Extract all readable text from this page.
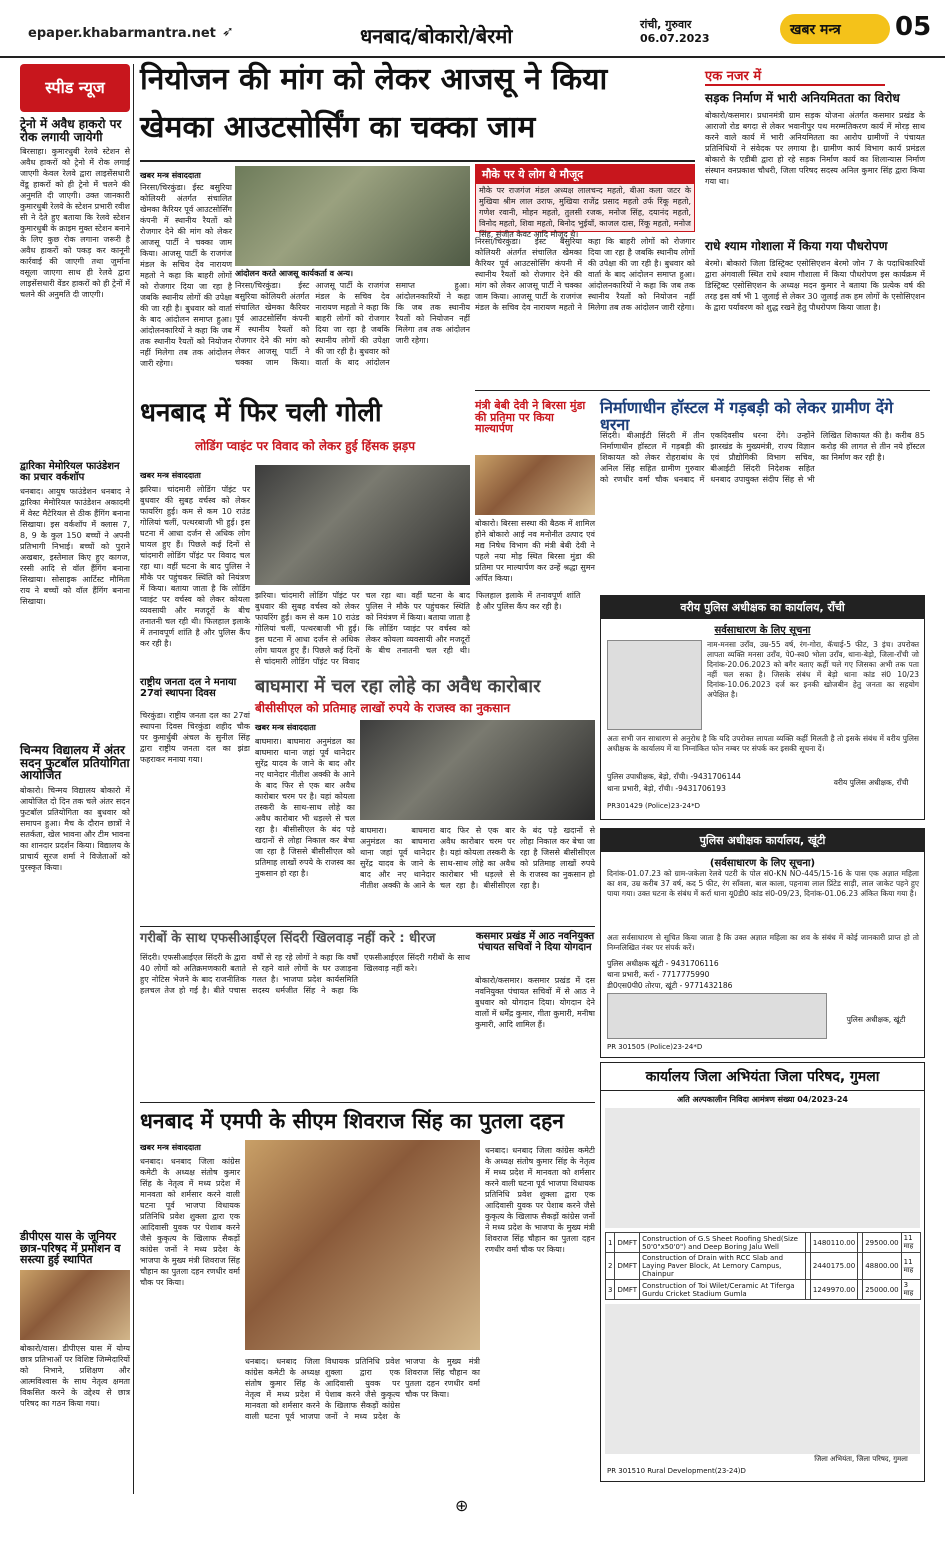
epaper.khabarmantra.net ➶	धनबाद/बोकारो/बेरमो	रांची, गुरुवार
06.07.2023
खबर मन्त्र	05
स्पीड न्यूज
ट्रेनो में अवैध हाकरो पर रोक लगायी जायेगी
बिरसाहा। कुमारधुबी रेलवे स्टेशन से अवैध हाकरों को ट्रेनो में रोक लगाई जाएगी केवल रेलवे द्वारा लाइसेंसधारी वेंडू हाकरों को ही ट्रेनो में चलने की अनुमति दी जाएगी। उक्त जानकारी कुमारधुबी रेलवे के स्टेशन प्रभारी रवीश सी ने देते हुए बताया कि रेलवे स्टेशन कुमारधुबी के क्राइम मुक्त स्टेशन बनाने के लिए कुछ रोक लगाना जरूरी है अवैध हाकरों को पकड़ कर कानूनी कार्रवाई की जाएगी तथा जुर्माना वसूला जाएगा साथ ही रेलवे द्वारा लाइसेंसधारी वेंडर हाकरों को ही ट्रेनों में चलने की अनुमति दी जाएगी।
द्वारिका मेमोरियल फाउंडेशन का प्रचार वर्कशॉप
धनबाद। आयुष फाउंडेशन धनबाद ने द्वारिका मेमोरियल फाउंडेशन अकादमी में वेस्ट मैटेरियल से ठीक हैंगिंग बनाना सिखाया। इस वर्कशॉप में क्लास 7, 8, 9 के कुल 150 बच्चों ने अपनी प्रतिभागी निभाई। बच्चों को पुराने अखबार, इस्तेमाल किए हुए कागज, रस्सी आदि से वॉल हैंगिंग बनाना सिखाया। सोसाइक आर्टिस्ट मौमिता राय ने बच्चों को वॉल हैंगिंग बनाना सिखाया।
चिन्मय विद्यालय में अंतर सदन फुटबॉल प्रतियोगिता आयोजित
बोकारो। चिन्मय विद्यालय बोकारो में आयोजित दो दिन तक चले अंतर सदन फुटबॉल प्रतियोगिता का बुधवार को समापन हुआ। मैच के दौरान छात्रों ने सतर्कता, खेल भावना और टीम भावना का शानदार प्रदर्शन किया। विद्यालय के प्राचार्य सूरज शर्मा ने विजेताओं को पुरस्कृत किया।
डीपीएस यास के जूनियर छात्र-परिषद में प्रमोशन व सस्त्या हुई स्थापित
बोकारो/वास। डीपीएस यास में योग्य छात्र प्रतिभाओं पर विशिष्ट जिम्मेदारियों को निभाने, प्रशिक्षण और आत्मविश्वास के साथ नेतृत्व क्षमता विकसित करने के उद्देश्य से छात्र परिषद का गठन किया गया।
नियोजन की मांग को लेकर आजसू ने किया
खेमका आउटसोर्सिंग का चक्का जाम
खबर मन्त्र संवाददाता
आंदोलन करते आजसू कार्यकर्ता व अन्य।
निरसा/चिरकुंडा। ईस्ट बसुरिया कोलियरी अंतर्गत संचालित खेमका कैरियर पूर्व आउटसोर्सिंग कंपनी में स्थानीय रैयतों को रोजगार देने की मांग को लेकर आजसू पार्टी ने चक्का जाम किया। आजसू पार्टी के राजगंज मंडल के सचिव देव नारायण महतो ने कहा कि बाहरी लोगों को रोजगार दिया जा रहा है जबकि स्थानीय लोगों की उपेक्षा की जा रही है। बुधवार को वार्ता के बाद आंदोलन समाप्त हुआ। आंदोलनकारियों ने कहा कि जब तक स्थानीय रैयतों को नियोजन नहीं मिलेगा तब तक आंदोलन जारी रहेगा।
निरसा/चिरकुंडा। ईस्ट बसुरिया कोलियरी अंतर्गत संचालित खेमका कैरियर पूर्व आउटसोर्सिंग कंपनी में स्थानीय रैयतों को रोजगार देने की मांग को लेकर आजसू पार्टी ने चक्का जाम किया। आजसू पार्टी के राजगंज मंडल के सचिव देव नारायण महतो ने कहा कि बाहरी लोगों को रोजगार दिया जा रहा है जबकि स्थानीय लोगों की उपेक्षा की जा रही है। बुधवार को वार्ता के बाद आंदोलन समाप्त हुआ। आंदोलनकारियों ने कहा कि जब तक स्थानीय रैयतों को नियोजन नहीं मिलेगा तब तक आंदोलन जारी रहेगा।
मौके पर ये लोग थे मौजूद
मौके पर राजगंज मंडल अध्यक्ष लालचन्द महतो, बीआ कला जटर के मुखिया श्रीम लाल उराफ, मुखिया राजेंद्र प्रसाद महतो उर्फ रिंकू महतो, गणेश रवानी, मोहन महतो, तुलसी रजक, मनोज सिंह, दयानंद महतो, विनोद महतो, शिवा महतो, बिनोद भुईयाँ, काजल दास, रिंकू महतो, मनोज सिंह, संजीत केवट आदि मौजूद थे।
निरसा/चिरकुंडा। ईस्ट बसुरिया कोलियरी अंतर्गत संचालित खेमका कैरियर पूर्व आउटसोर्सिंग कंपनी में स्थानीय रैयतों को रोजगार देने की मांग को लेकर आजसू पार्टी ने चक्का जाम किया। आजसू पार्टी के राजगंज मंडल के सचिव देव नारायण महतो ने कहा कि बाहरी लोगों को रोजगार दिया जा रहा है जबकि स्थानीय लोगों की उपेक्षा की जा रही है। बुधवार को वार्ता के बाद आंदोलन समाप्त हुआ। आंदोलनकारियों ने कहा कि जब तक स्थानीय रैयतों को नियोजन नहीं मिलेगा तब तक आंदोलन जारी रहेगा।
एक नजर में
सड़क निर्माण में भारी अनियमितता का विरोध
बोकारो/कसमार। प्रधानमंत्री ग्राम सड़क योजना अंतर्गत कसमार प्रखंड के आराजो रोड बगदा से लेकर भवानीपुर पथ मरम्मतिकरण कार्य में मोरड़ साथ करने वाले कार्य में भारी अनियमितता का आरोप ग्रामीणों ने पंचायत प्रतिनिधियों ने संवेदक पर लगाया है। ग्रामीण कार्य विभाग कार्य प्रमंडल बोकारो के एडीबी द्वारा हो रहे सड़क निर्माण कार्य का शिलान्यास निर्माण संस्थान वनप्रकाश चौधरी, जिला परिषद सदस्य अनिल कुमार सिंह द्वारा किया गया था।
राधे श्याम गोशाला में किया गया पौधरोपण
बेरमो। बोकारो जिला डिस्ट्रिक्ट एसोसिएशन बेरमो जोन 7 के पदाधिकारियों द्वारा अंगवाली स्थित राधे श्याम गौशाला में किया पौधरोपण इस कार्यक्रम में डिस्ट्रिक्ट एसोसिएशन के अध्यक्ष मदन कुमार ने बताया कि प्रत्येक वर्ष की तरह इस वर्ष भी 1 जुलाई से लेकर 30 जुलाई तक हम लोगों के एसोसिएशन के द्वारा पर्यावरण को शुद्ध रखने हेतु पौधरोपण किया जाता है।
धनबाद में फिर चली गोली
लोडिंग प्वाइंट पर विवाद को लेकर हुई हिंसक झड़प
खबर मन्त्र संवाददाता
झरिया। चांदमारी लोडिंग पॉइंट पर बुधवार की सुबह वर्चस्व को लेकर फायरिंग हुई। कम से कम 10 राउंड गोलियां चलीं, पत्थरबाजी भी हुई। इस घटना में आधा दर्जन से अधिक लोग घायल हुए हैं। पिछले कई दिनों से चांदमारी लोडिंग पॉइंट पर विवाद चल रहा था। वहीं घटना के बाद पुलिस ने मौके पर पहुंचकर स्थिति को नियंत्रण में किया। बताया जाता है कि लोडिंग प्वाइंट पर वर्चस्व को लेकर कोयला व्यवसायी और मजदूरों के बीच तनातनी चल रही थी। फिलहाल इलाके में तनावपूर्ण शांति है और पुलिस कैंप कर रही है।
झरिया। चांदमारी लोडिंग पॉइंट पर बुधवार की सुबह वर्चस्व को लेकर फायरिंग हुई। कम से कम 10 राउंड गोलियां चलीं, पत्थरबाजी भी हुई। इस घटना में आधा दर्जन से अधिक लोग घायल हुए हैं। पिछले कई दिनों से चांदमारी लोडिंग पॉइंट पर विवाद चल रहा था। वहीं घटना के बाद पुलिस ने मौके पर पहुंचकर स्थिति को नियंत्रण में किया। बताया जाता है कि लोडिंग प्वाइंट पर वर्चस्व को लेकर कोयला व्यवसायी और मजदूरों के बीच तनातनी चल रही थी। फिलहाल इलाके में तनावपूर्ण शांति है और पुलिस कैंप कर रही है।
मंत्री बेबी देवी ने बिरसा मुंडा की प्रतिमा पर किया माल्यार्पण
बोकारो। बिरसा सस्था की बैठक में शामिल होने बोकारो आई नव मनोनीत उत्पाद एवं मद्य निषेध विभाग की मंत्री बेबी देवी ने पहले नया मोड़ स्थित बिरसा मुंडा की प्रतिमा पर माल्यार्पण कर उन्हें श्रद्धा सुमन अर्पित किया।
निर्माणाधीन हॉस्टल में गड़बड़ी को लेकर ग्रामीण देंगे धरना
सिंदरी। बीआईटी सिंदरी में तीन निर्माणाधीन हॉस्टल में गड़बड़ी की शिकायत को लेकर रोहराबांध के अनिल सिंह सहित ग्रामीण गुरुवार को रणधीर वर्मा चौक धनबाद में एकदिवसीय धरना देंगे। उन्होंने झारखंड के मुख्यमंत्री, राज्य विज्ञान एवं प्रौद्योगिकी विभाग सचिव, बीआईटी सिंदरी निदेशक सहित धनबाद उपायुक्त संदीप सिंह से भी लिखित शिकायत की है। करीब 85 करोड़ की लागत से तीन नये हॉस्टल का निर्माण कर रही है।
वरीय पुलिस अधीक्षक का कार्यालय, राँची
सर्वसाधारण के लिए सूचना
नाम-मनसा उराँव, उम्र-55 वर्ष, रंग-गोरा, कॅचाई-5 फीट, 3 इंच। उपरोक्त लापता व्यक्ति मनसा उराँव, पे0-स्व0 भोला उराँव, थाना-बेड़ो, जिला-राँची जो दिनांक-20.06.2023 को बगैर बताए कहीं चले गए जिसका अभी तक पता नहीं चल सका है। जिसके संबंध में बेड़ो थाना कांड सं0 10/23 दिनांक-10.06.2023 दर्ज कर इनकी खोजबीन हेतु जनता का सहयोग अपेक्षित है।
अतः सभी जन साधारण से अनुरोध है कि यदि उपरोक्त लापता व्यक्ति कहीं मिलती है तो इसके संबंध में वरीय पुलिस अधीक्षक के कार्यालय में या निम्नांकित फोन नम्बर पर संपर्क कर इसकी सूचना दें।
पुलिस उपाधीक्षक, बेड़ो, राँची। -9431706144
थाना प्रभारी, बेड़ो, राँची। -9431706193
वरीय पुलिस अधीक्षक, राँची
PR301429 (Police)23-24*D
राष्ट्रीय जनता दल ने मनाया 27वां स्थापना दिवस
चिरकुंडा। राष्ट्रीय जनता दल का 27वां स्थापना दिवस चिरकुंडा शहीद चौक पर कुमार्धुबी अंचल के सुनील सिंह द्वारा राष्ट्रीय जनता दल का झंडा फहराकर मनाया गया।
बाघमारा में चल रहा लोहे का अवैध कारोबार
बीसीसीएल को प्रतिमाह लाखों रुपये के राजस्व का नुकसान
खबर मन्त्र संवाददाता
बाघमारा। बाघमारा अनुमंडल का बाघमारा थाना जहां पूर्व थानेदार सुरेंद्र यादव के जाने के बाद और नए थानेदार नीतीश अक्की के आने के बाद फिर से एक बार अवैध कारोबार चरम पर है। यहां कोयला तस्करी के साथ-साथ लोहे का अवैध कारोबार भी धड़ल्ले से चल रहा है। बीसीसीएल के बंद पड़े खदानों से लोहा निकाल कर बेचा जा रहा है जिससे बीसीसीएल को प्रतिमाह लाखों रुपये के राजस्व का नुकसान हो रहा है।
बाघमारा। बाघमारा अनुमंडल का बाघमारा थाना जहां पूर्व थानेदार सुरेंद्र यादव के जाने के बाद और नए थानेदार नीतीश अक्की के आने के बाद फिर से एक बार अवैध कारोबार चरम पर है। यहां कोयला तस्करी के साथ-साथ लोहे का अवैध कारोबार भी धड़ल्ले से चल रहा है। बीसीसीएल के बंद पड़े खदानों से लोहा निकाल कर बेचा जा रहा है जिससे बीसीसीएल को प्रतिमाह लाखों रुपये के राजस्व का नुकसान हो रहा है।
पुलिस अधीक्षक कार्यालय, खूंटी
(सर्वसाधारण के लिए सूचना)
दिनांक-01.07.23 को ग्राम-जकेला रेलवे पटरी के पोल सं0-KN NO-445/15-16 के पास एक अज्ञात महिला का शव, उम्र करीब 37 वर्ष, कद 5 फीट, रंग साँवला, बाल काला, पहनावा लाल प्रिंटेड साड़ी, लाल जाकेट पहने हुए पाया गया। उक्त घटना के संबंध में कर्रा थाना यू0डी0 कांड सं0-09/23, दिनांक-01.06.23 अंकित किया गया है।
अतः सर्वसाधारण से सूचित किया जाता है कि उक्त अज्ञात महिला का शव के संबंध में कोई जानकारी प्राप्त हो तो निम्नलिखित नंबर पर संपर्क करें।
पुलिस अधीक्षक खूंटी - 9431706116
थाना प्रभारी, कर्रा - 7717775990
डी0एस0पी0 तोरपा, खूंटी - 9771432186
पुलिस अधीक्षक, खूंटी
PR 301505 (Police)23-24*D
गरीबों के साथ एफसीआईएल सिंदरी खिलवाड़ नहीं करे : धीरज
सिंदरी। एफसीआईएल सिंदरी के द्वारा 40 लोगों को अतिक्रमणकारी बताते हुए नोटिस भेजने के बाद राजनीतिक हलचल तेज हो गई है। बीते पचास वर्षों से रह रहे लोगों ने कहा कि वर्षों से रहने वाले लोगों के घर उजाड़ना गलत है। भाजपा प्रदेश कार्यसमिति सदस्य धर्मजीत सिंह ने कहा कि एफसीआईएल सिंदरी गरीबों के साथ खिलवाड़ नहीं करे।
कसमार प्रखंड में आठ नवनियुक्त पंचायत सचिवों ने दिया योगदान
बोकारो/कसमार। कसमार प्रखंड में दस नवनियुक्त पंचायत सचिवों में से आठ ने बुधवार को योगदान दिया। योगदान देने वालों में धर्मेंद्र कुमार, गीता कुमारी, मनीषा कुमारी, आदि शामिल हैं।
धनबाद में एमपी के सीएम शिवराज सिंह का पुतला दहन
खबर मन्त्र संवाददाता
धनबाद। धनबाद जिला कांग्रेस कमेटी के अध्यक्ष संतोष कुमार सिंह के नेतृत्व में मध्य प्रदेश में मानवता को शर्मसार करने वाली घटना पूर्व भाजपा विधायक प्रतिनिधि प्रवेश शुक्ला द्वारा एक आदिवासी युवक पर पेशाब करने जैसे कुकृत्य के खिलाफ सैकड़ों कांग्रेस जनों ने मध्य प्रदेश के भाजपा के मुख्य मंत्री शिवराज सिंह चौहान का पुतला दहन रणधीर वर्मा चौक पर किया।
धनबाद। धनबाद जिला कांग्रेस कमेटी के अध्यक्ष संतोष कुमार सिंह के नेतृत्व में मध्य प्रदेश में मानवता को शर्मसार करने वाली घटना पूर्व भाजपा विधायक प्रतिनिधि प्रवेश शुक्ला द्वारा एक आदिवासी युवक पर पेशाब करने जैसे कुकृत्य के खिलाफ सैकड़ों कांग्रेस जनों ने मध्य प्रदेश के भाजपा के मुख्य मंत्री शिवराज सिंह चौहान का पुतला दहन रणधीर वर्मा चौक पर किया।
धनबाद। धनबाद जिला कांग्रेस कमेटी के अध्यक्ष संतोष कुमार सिंह के नेतृत्व में मध्य प्रदेश में मानवता को शर्मसार करने वाली घटना पूर्व भाजपा विधायक प्रतिनिधि प्रवेश शुक्ला द्वारा एक आदिवासी युवक पर पेशाब करने जैसे कुकृत्य के खिलाफ सैकड़ों कांग्रेस जनों ने मध्य प्रदेश के भाजपा के मुख्य मंत्री शिवराज सिंह चौहान का पुतला दहन रणधीर वर्मा चौक पर किया।
कार्यालय जिला अभियंता जिला परिषद, गुमला
अति अल्पकालीन निविदा आमंत्रण संख्या 04/2023-24
1	DMFT	Construction of G.S Sheet Roofing Shed(Size 50'0"x50'0") and Deep Boring Jalu Well		1480110.00		29500.00	11 माह
2	DMFT	Construction of Drain with RCC Slab and Laying Paver Block, At Lemory Campus, Chainpur		2440175.00		48800.00	11 माह
3	DMFT	Construction of Toi Wilet/Ceramic At Tiferga Gurdu Cricket Stadium Gumla		1249970.00		25000.00	3 माह
जिला अभियंता, जिला परिषद, गुमला
PR 301510 Rural Development(23-24)D
⊕
